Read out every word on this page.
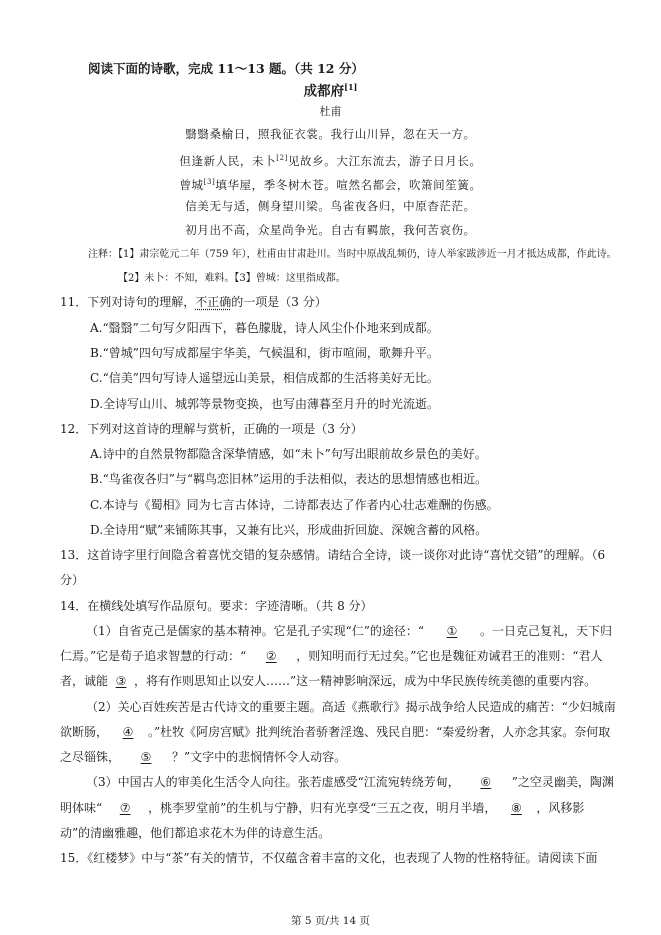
阅读下面的诗歌，完成 11～13 题。（共 12 分）
成都府[1]
杜甫
翳翳桑榆日，照我征衣裳。我行山川异，忽在天一方。
但逢新人民，未卜[2]见故乡。大江东流去，游子日月长。
曾城[3]填华屋，季冬树木苍。喧然名都会，吹箫间笙簧。
信美无与适，侧身望川梁。鸟雀夜各归，中原杳茫茫。
初月出不高，众星尚争光。自古有羁旅，我何苦哀伤。
注释：【1】肃宗乾元二年（759 年），杜甫由甘肃赴川。当时中原战乱频仍，诗人举家跋涉近一月才抵达成都，作此诗。
【2】未卜：不知，难料。【3】曾城：这里指成都。
11．下列对诗句的理解，不正确的一项是（3 分）
A.“翳翳”二句写夕阳西下，暮色朦胧，诗人风尘仆仆地来到成都。
B.“曾城”四句写成都屋宇华美，气候温和，街市喧闹，歌舞升平。
C.“信美”四句写诗人遥望远山美景，相信成都的生活将美好无比。
D.全诗写山川、城郭等景物变换，也写由薄暮至月升的时光流逝。
12．下列对这首诗的理解与赏析，正确的一项是（3 分）
A.诗中的自然景物都隐含深挚情感，如“未卜”句写出眼前故乡景色的美好。
B.“鸟雀夜各归”与“羁鸟恋旧林”运用的手法相似，表达的思想情感也相近。
C.本诗与《蜀相》同为七言古体诗，二诗都表达了作者内心壮志难酬的伤感。
D.全诗用“赋”来铺陈其事，又兼有比兴，形成曲折回旋、深婉含蓄的风格。
13．这首诗字里行间隐含着喜忧交错的复杂感情。请结合全诗，谈一谈你对此诗“喜忧交错”的理解。（6
分）
14．在横线处填写作品原句。要求：字迹清晰。（共 8 分）
（1）自省克己是儒家的基本精神。它是孔子实现“仁”的途径：“ ① 。一日克己复礼，天下归
仁焉。”它是荀子追求智慧的行动：“ ② ，则知明而行无过矣。”它也是魏征劝诫君王的准则：“君人
者，诚能 ③ ，将有作则思知止以安人……”这一精神影响深远，成为中华民族传统美德的重要内容。
（2）关心百姓疾苦是古代诗文的重要主题。高适《燕歌行》揭示战争给人民造成的痛苦：“少妇城南
欲断肠， ④ 。”杜牧《阿房宫赋》批判统治者骄奢淫逸、残民自肥：“秦爱纷奢，人亦念其家。奈何取
之尽锱铢， ⑤ ？”文字中的悲悯情怀令人动容。
（3）中国古人的审美化生活令人向往。张若虚感受“江流宛转绕芳甸， ⑥ ”之空灵幽美，陶渊
明体味“ ⑦ ，桃李罗堂前”的生机与宁静，归有光享受“三五之夜，明月半墙， ⑧ ，风移影
动”的清幽雅趣，他们都追求花木为伴的诗意生活。
15．《红楼梦》中与“茶”有关的情节，不仅蕴含着丰富的文化，也表现了人物的性格特征。请阅读下面
第 5 页/共 14 页
